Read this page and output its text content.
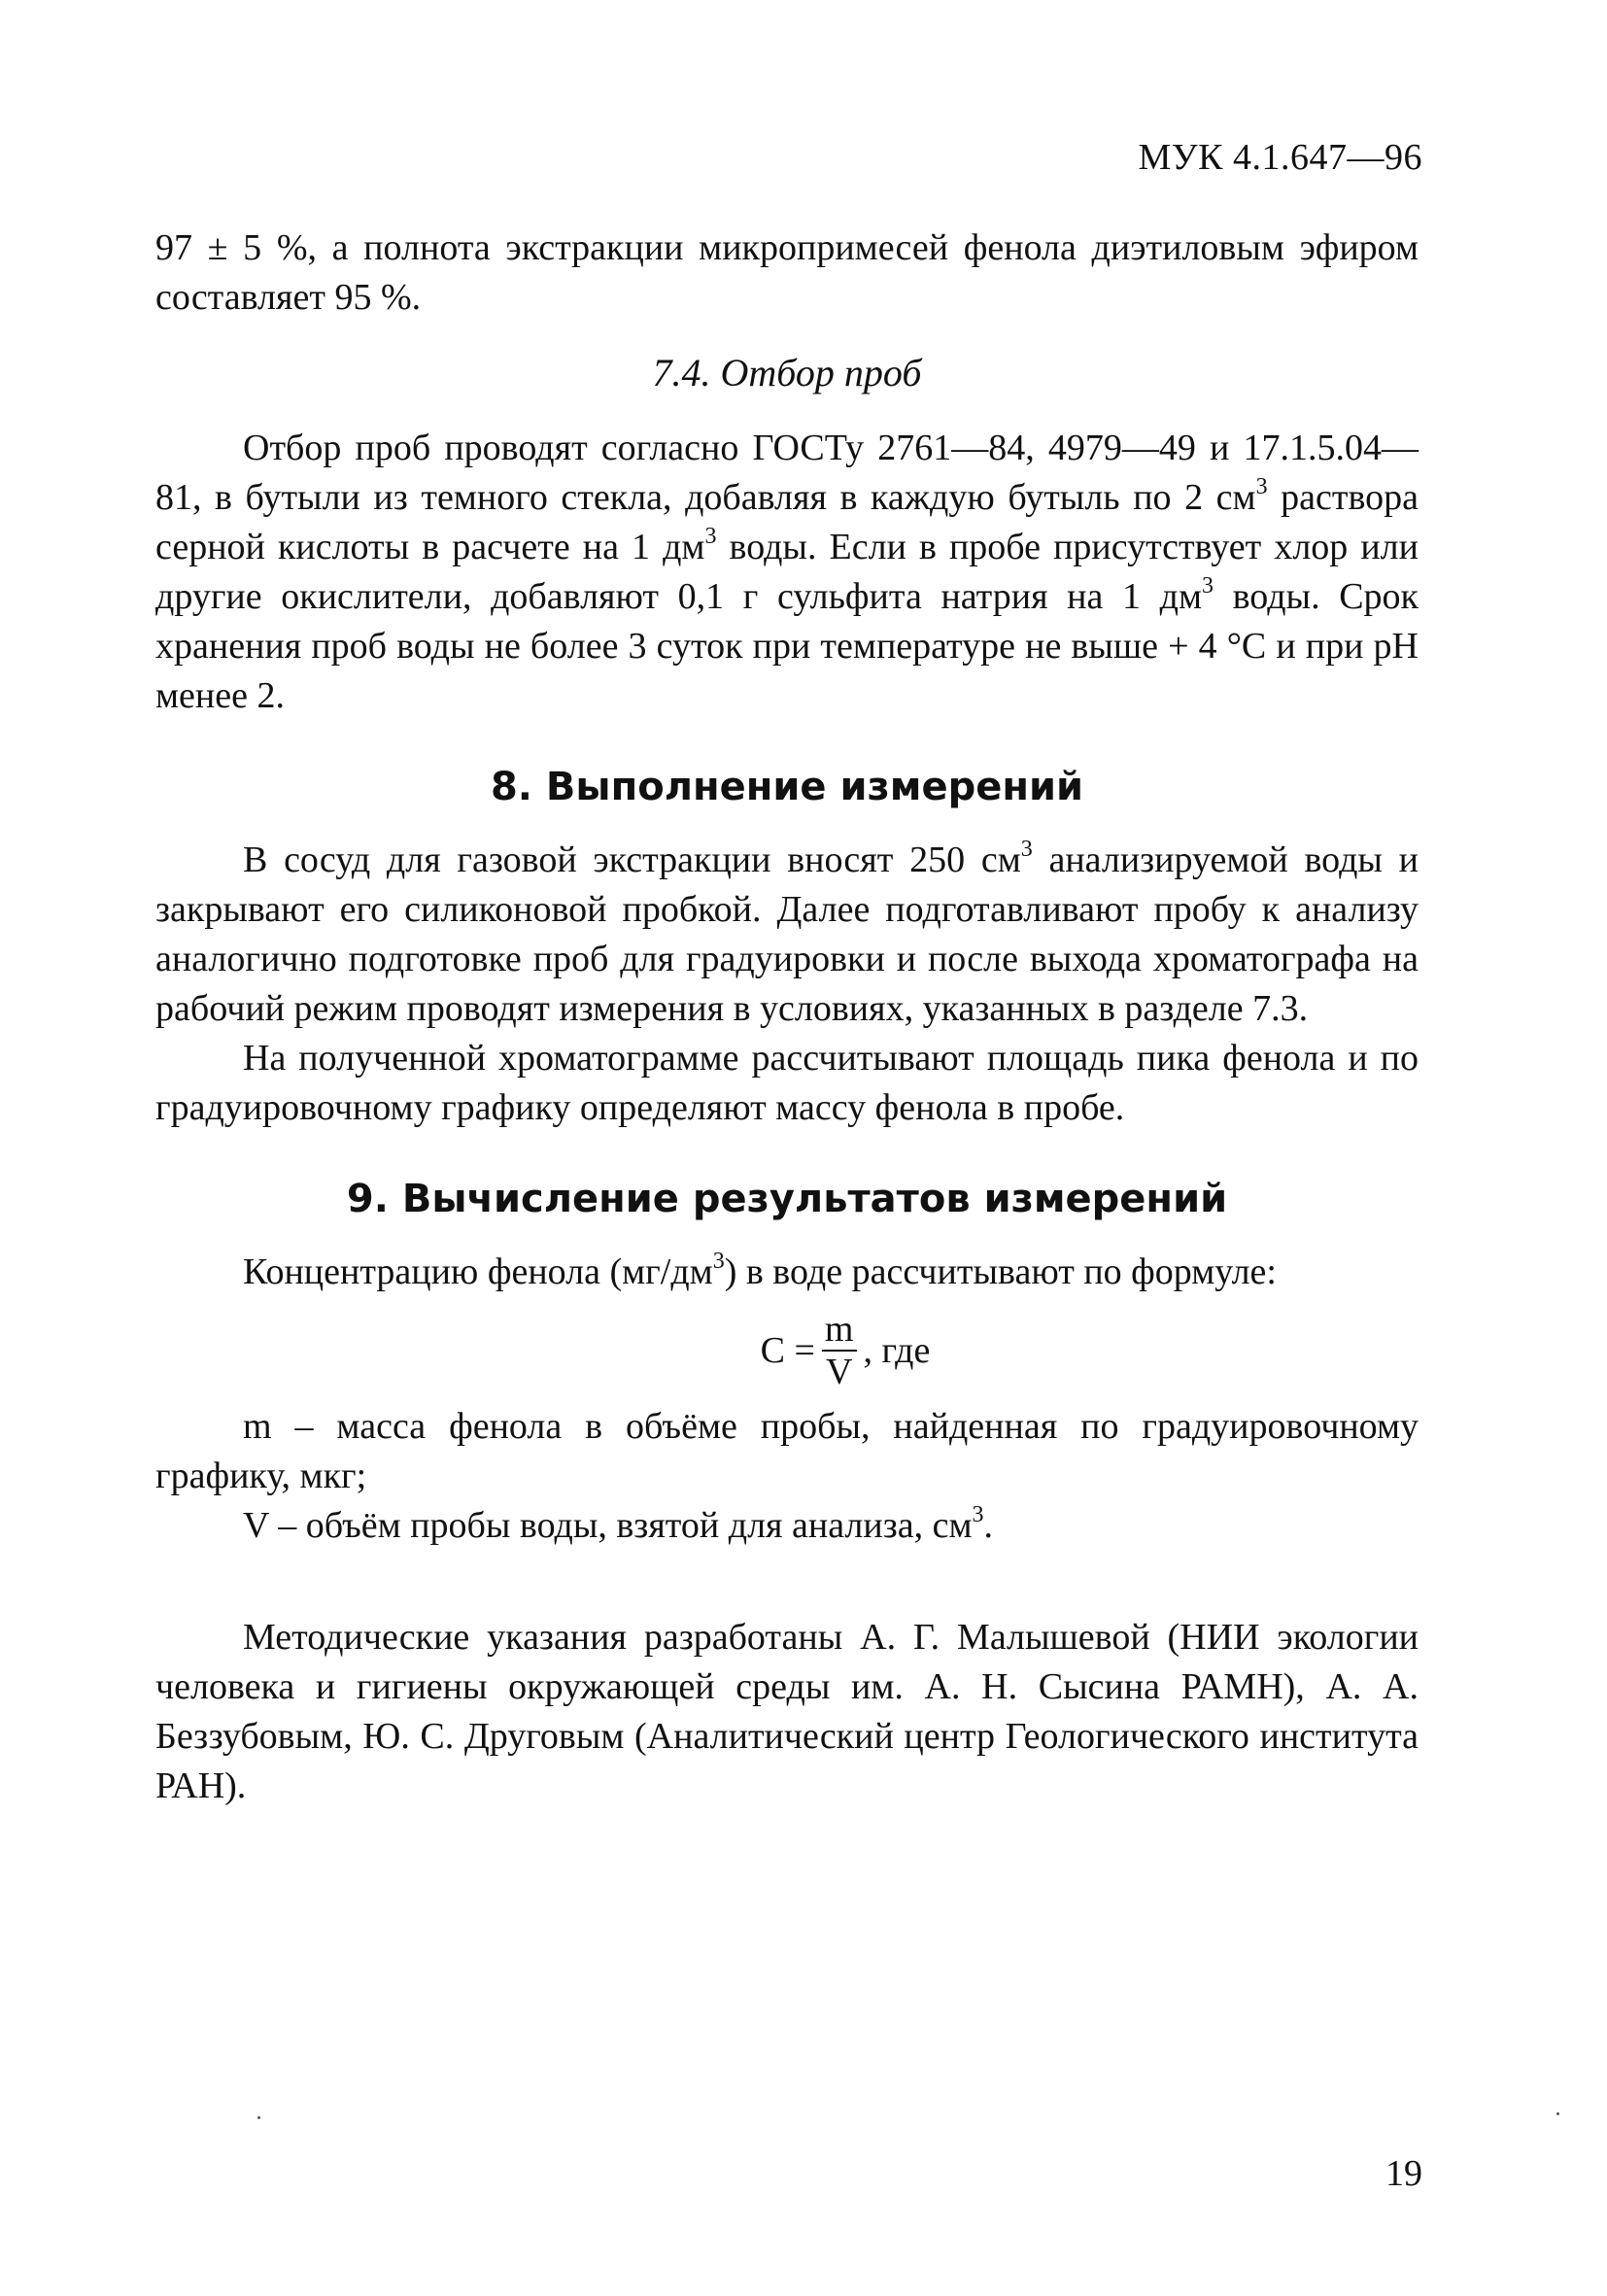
МУК 4.1.647—96

97 ± 5 %, а полнота экстракции микропримесей фенола диэтиловым эфиром составляет 95 %.

7.4. Отбор проб

Отбор проб проводят согласно ГОСТу 2761—84, 4979—49 и 17.1.5.04—81, в бутыли из темного стекла, добавляя в каждую бутыль по 2 $см^3$ раствора серной кислоты в расчете на 1 $дм^3$ воды. Если в пробе присутствует хлор или другие окислители, добавляют 0,1 г сульфита натрия на 1 $дм^3$ воды. Срок хранения проб воды не более 3 суток при температуре не выше + 4 °С и при pH менее 2.

8. Выполнение измерений

В сосуд для газовой экстракции вносят 250 $см^3$ анализируемой воды и закрывают его силиконовой пробкой. Далее подготавливают пробу к анализу аналогично подготовке проб для градуировки и после выхода хроматографа на рабочий режим проводят измерения в условиях, указанных в разделе 7.3.

На полученной хроматограмме рассчитывают площадь пика фенола и по градуировочному графику определяют массу фенола в пробе.

9. Вычисление результатов измерений

Концентрацию фенола $(мг/дм^3)$ в воде рассчитывают по формуле:

$C = \frac{m}{V}$ , где

m – масса фенола в объёме пробы, найденная по градуировочному графику, мкг;

V – объём пробы воды, взятой для анализа, $см^3$.

Методические указания разработаны А. Г. Малышевой (НИИ экологии человека и гигиены окружающей среды им. А. Н. Сысина РАМН), А. А. Беззубовым, Ю. С. Друговым (Аналитический центр Геологического института РАН).

19
